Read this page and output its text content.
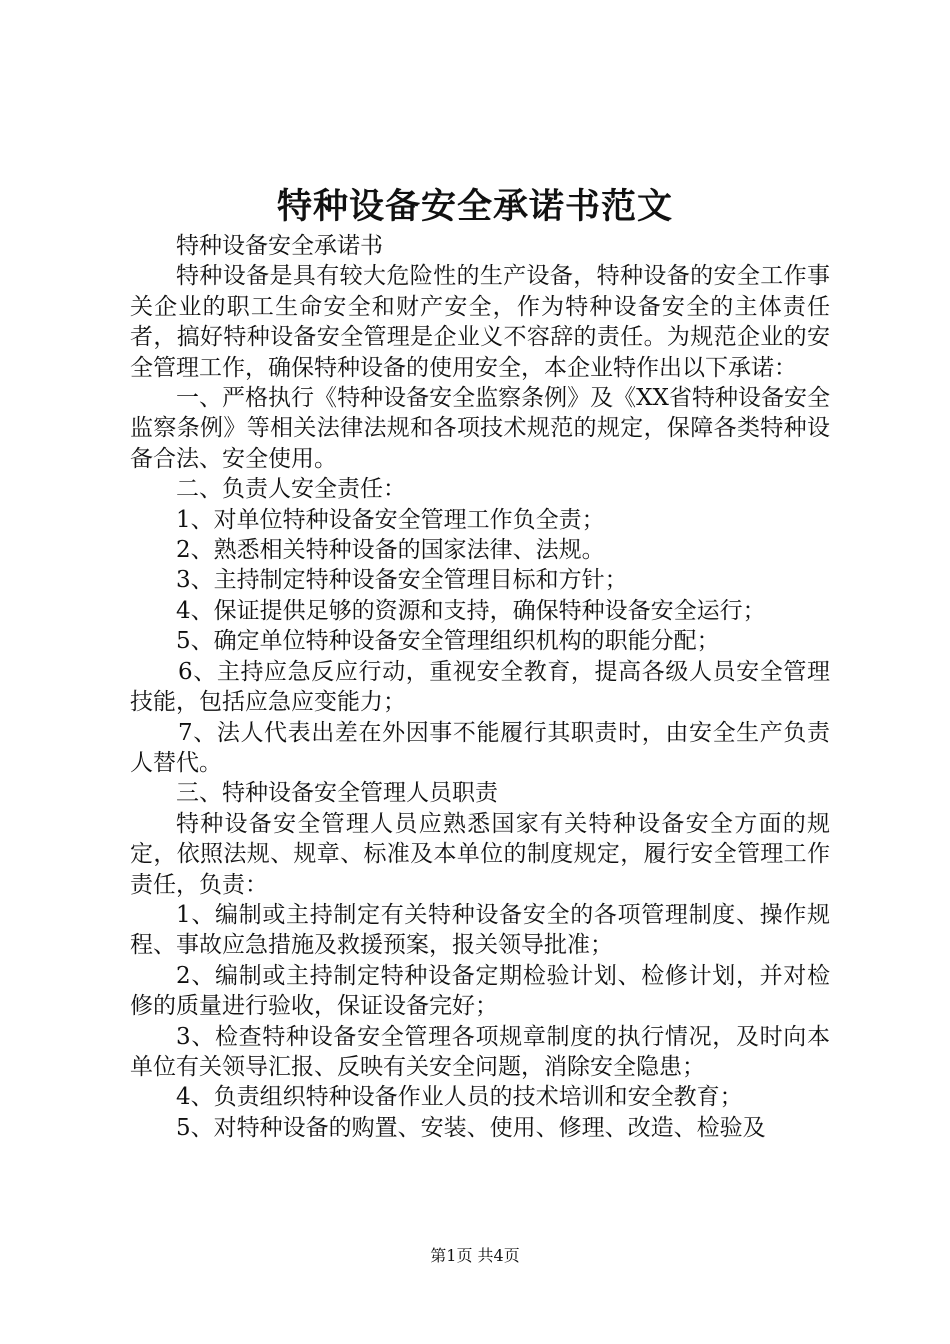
特种设备安全承诺书范文

特种设备安全承诺书

特种设备是具有较大危险性的生产设备，特种设备的安全工作事关企业的职工生命安全和财产安全，作为特种设备安全的主体责任者，搞好特种设备安全管理是企业义不容辞的责任。为规范企业的安全管理工作，确保特种设备的使用安全，本企业特作出以下承诺：

一、严格执行《特种设备安全监察条例》及《XX省特种设备安全监察条例》等相关法律法规和各项技术规范的规定，保障各类特种设备合法、安全使用。

二、负责人安全责任：

1、对单位特种设备安全管理工作负全责；

2、熟悉相关特种设备的国家法律、法规。

3、主持制定特种设备安全管理目标和方针；

4、保证提供足够的资源和支持，确保特种设备安全运行；

5、确定单位特种设备安全管理组织机构的职能分配；

6、主持应急反应行动，重视安全教育，提高各级人员安全管理技能，包括应急应变能力；

7、法人代表出差在外因事不能履行其职责时，由安全生产负责人替代。

三、特种设备安全管理人员职责

特种设备安全管理人员应熟悉国家有关特种设备安全方面的规定，依照法规、规章、标准及本单位的制度规定，履行安全管理工作责任，负责：

1、编制或主持制定有关特种设备安全的各项管理制度、操作规程、事故应急措施及救援预案，报关领导批准；

2、编制或主持制定特种设备定期检验计划、检修计划，并对检修的质量进行验收，保证设备完好；

3、检查特种设备安全管理各项规章制度的执行情况，及时向本单位有关领导汇报、反映有关安全问题，消除安全隐患；

4、负责组织特种设备作业人员的技术培训和安全教育；

5、对特种设备的购置、安装、使用、修理、改造、检验及

第1页 共4页
